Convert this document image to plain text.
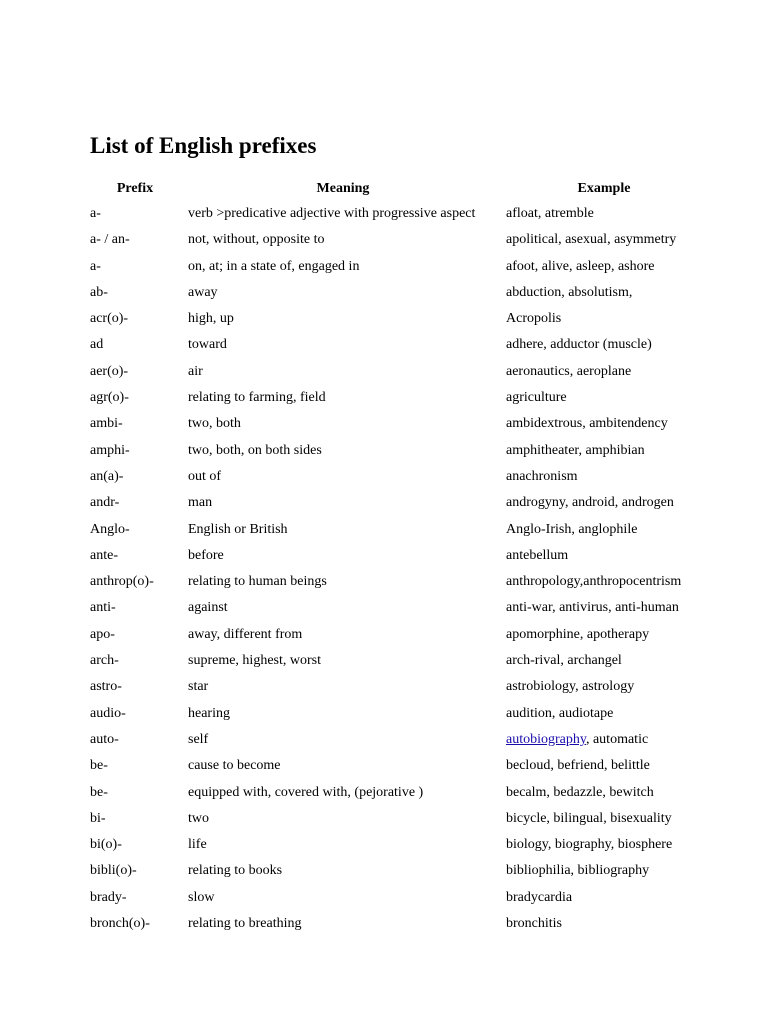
List of English prefixes
Prefix	Meaning	Example
a-	verb >predicative adjective with progressive aspect	afloat, atremble
a- / an-	not, without, opposite to	apolitical, asexual, asymmetry
a-	on, at; in a state of, engaged in	afoot, alive, asleep, ashore
ab-	away	abduction, absolutism,
acr(o)-	high, up	Acropolis
ad	toward	adhere, adductor (muscle)
aer(o)-	air	aeronautics, aeroplane
agr(o)-	relating to farming, field	agriculture
ambi-	two, both	ambidextrous, ambitendency
amphi-	two, both, on both sides	amphitheater, amphibian
an(a)-	out of	anachronism
andr-	man	androgyny, android, androgen
Anglo-	English or British	Anglo-Irish, anglophile
ante-	before	antebellum
anthrop(o)-	relating to human beings	anthropology,anthropocentrism
anti-	against	anti-war, antivirus, anti-human
apo-	away, different from	apomorphine, apotherapy
arch-	supreme, highest, worst	arch-rival, archangel
astro-	star	astrobiology, astrology
audio-	hearing	audition, audiotape
auto-	self	autobiography, automatic
be-	cause to become	becloud, befriend, belittle
be-	equipped with, covered with, (pejorative )	becalm, bedazzle, bewitch
bi-	two	bicycle, bilingual, bisexuality
bi(o)-	life	biology, biography, biosphere
bibli(o)-	relating to books	bibliophilia, bibliography
brady-	slow	bradycardia
bronch(o)-	relating to breathing	bronchitis
